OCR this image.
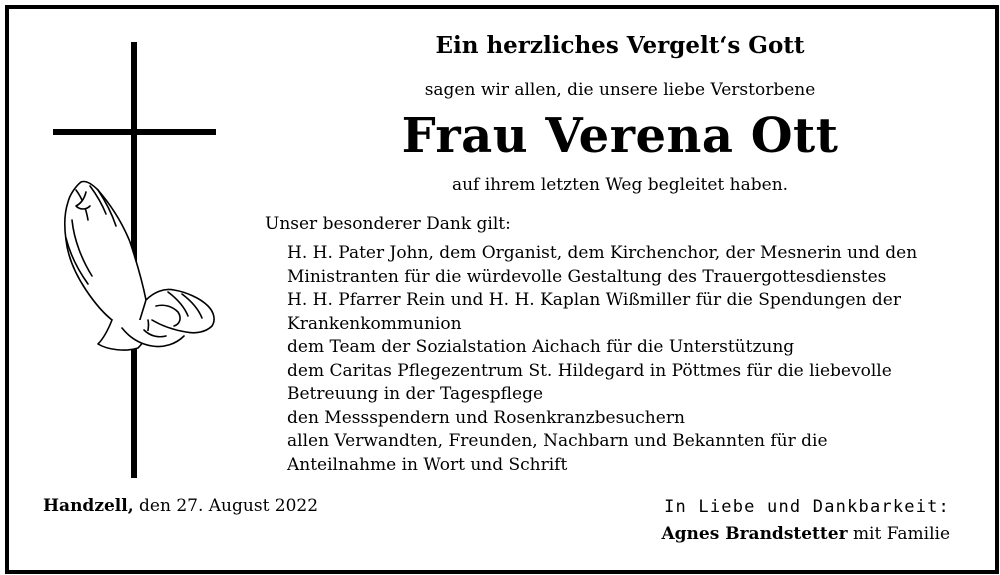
Ein herzliches Vergelt‘s Gott
sagen wir allen, die unsere liebe Verstorbene
Frau Verena Ott
auf ihrem letzten Weg begleitet haben.
Unser besonderer Dank gilt:
H. H. Pater John, dem Organist, dem Kirchenchor, der Mesnerin und den
Ministranten für die würdevolle Gestaltung des Trauergottesdienstes
H. H. Pfarrer Rein und H. H. Kaplan Wißmiller für die Spendungen der
Krankenkommunion
dem Team der Sozialstation Aichach für die Unterstützung
dem Caritas Pflegezentrum St. Hildegard in Pöttmes für die liebevolle
Betreuung in der Tagespflege
den Messspendern und Rosenkranzbesuchern
allen Verwandten, Freunden, Nachbarn und Bekannten für die
Anteilnahme in Wort und Schrift
Handzell, den 27. August 2022	In Liebe und Dankbarkeit:
Agnes Brandstetter mit Familie
